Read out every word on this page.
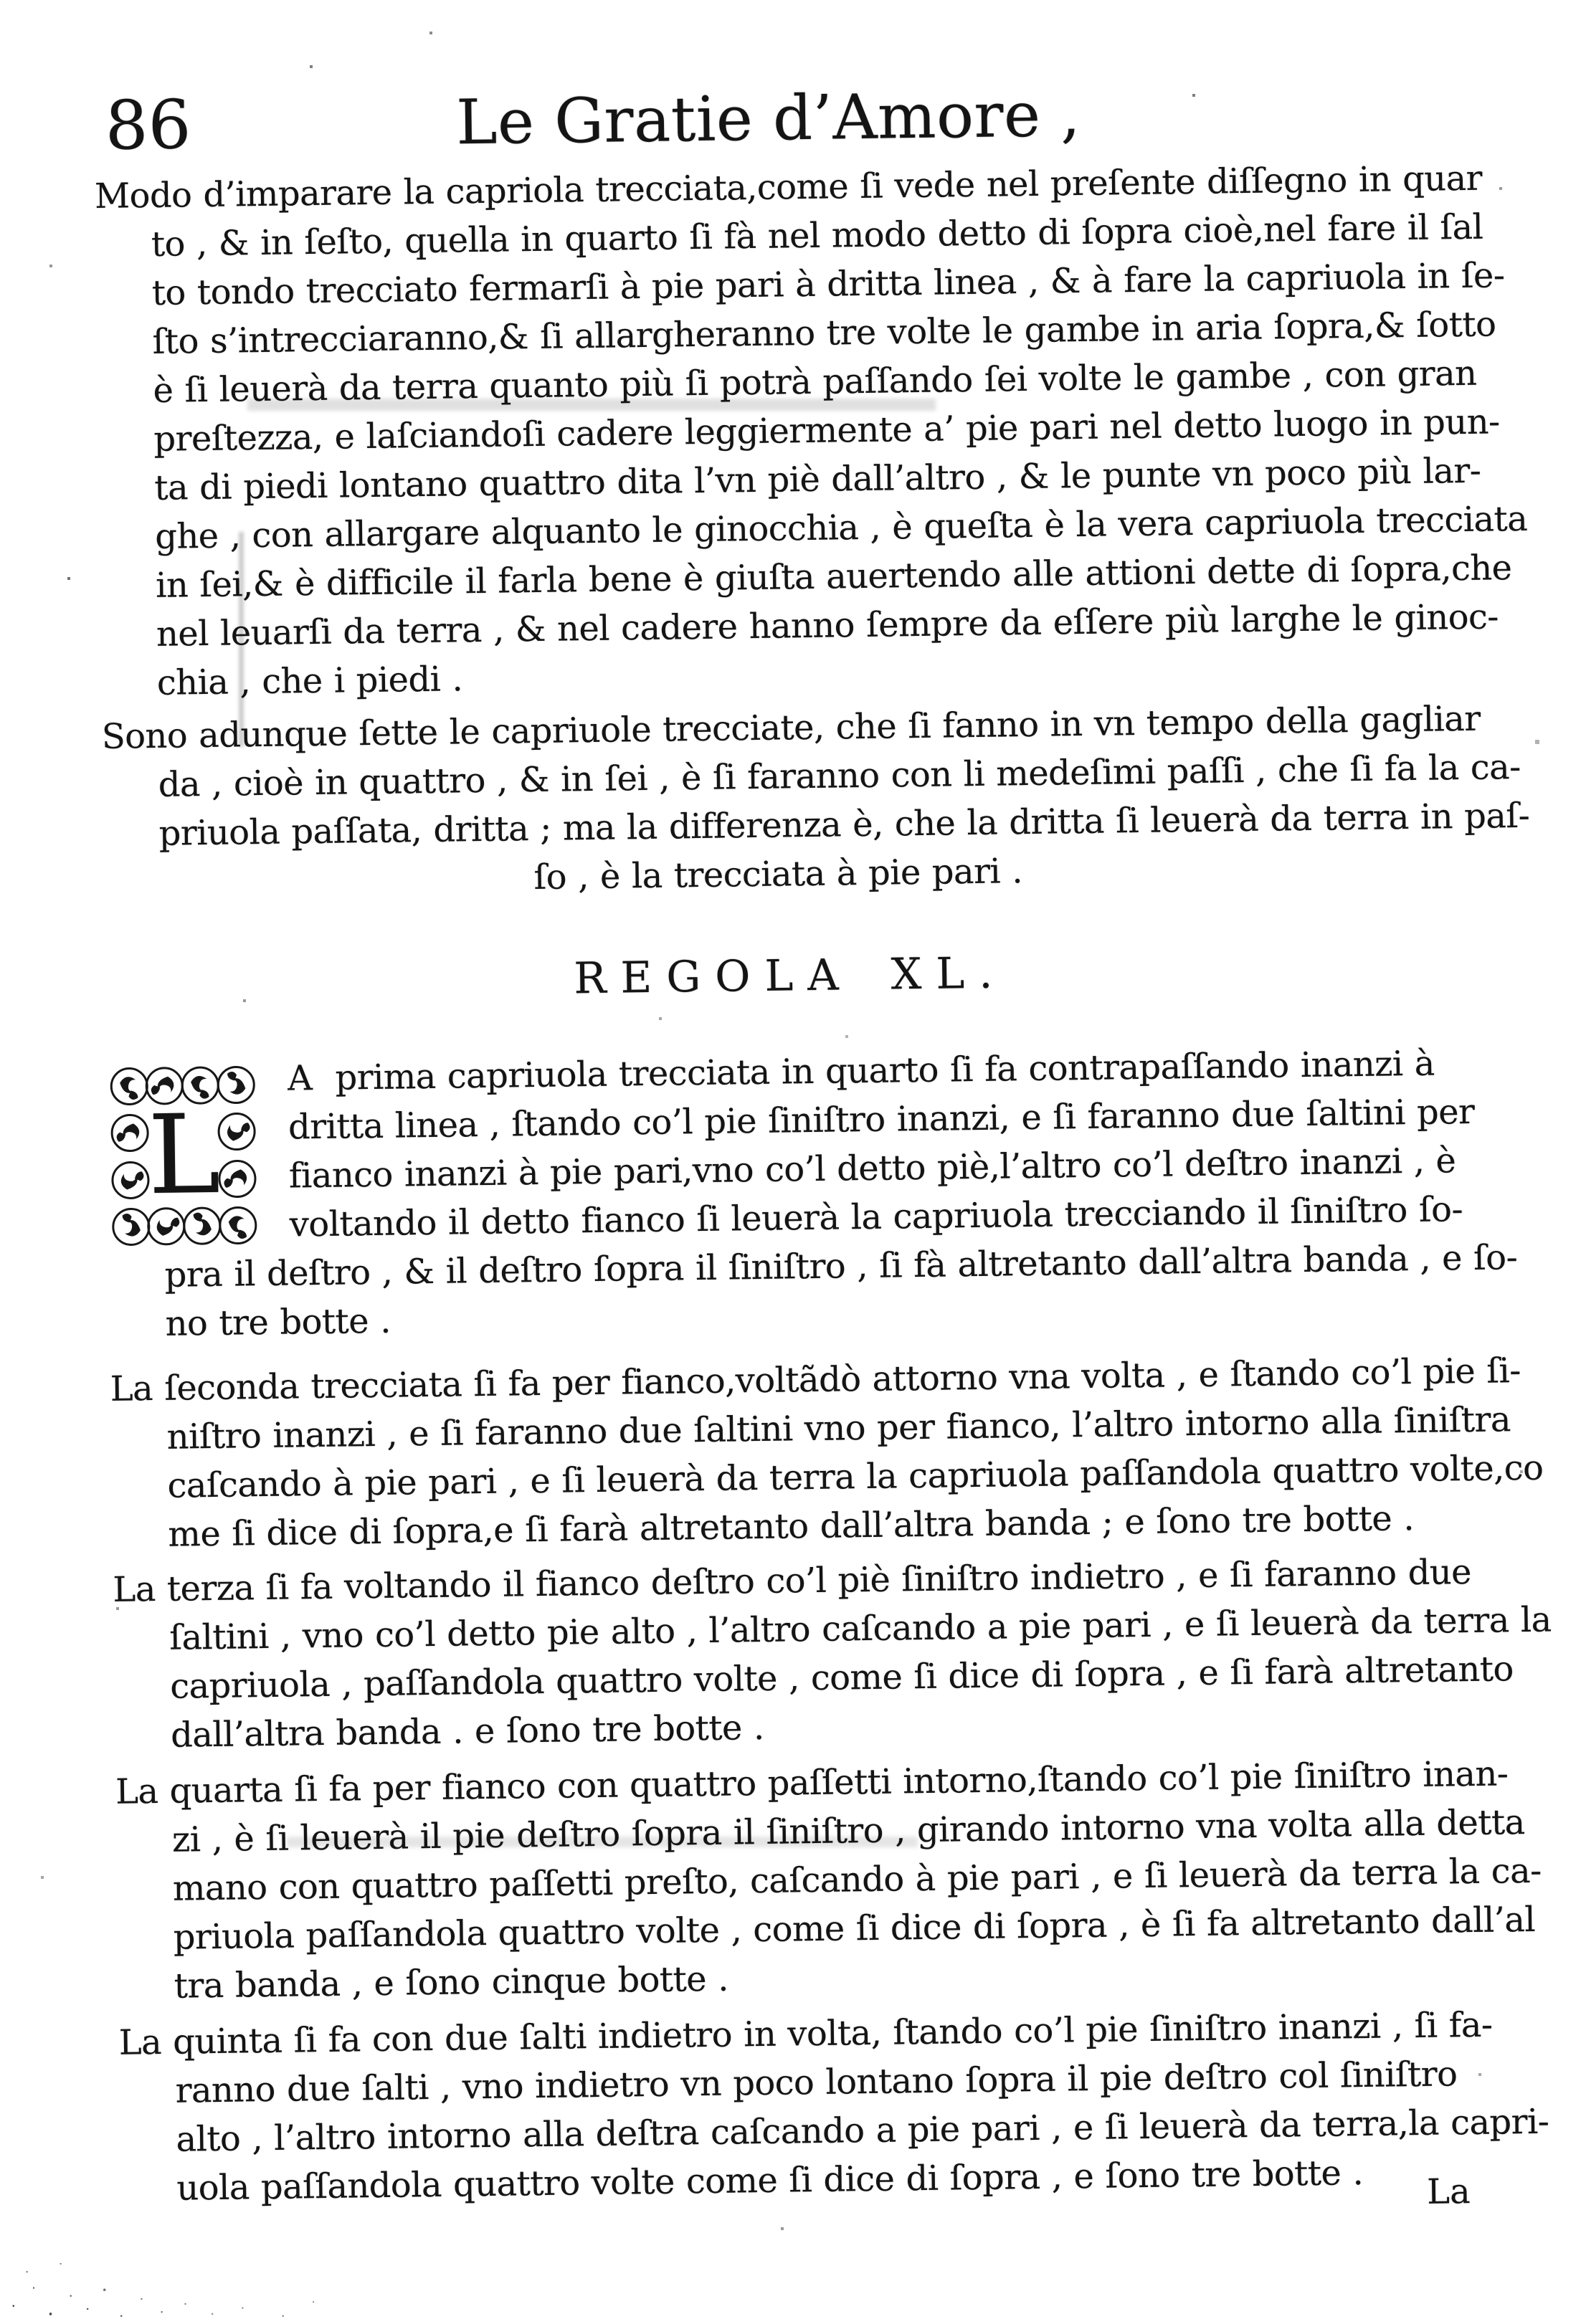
86	Le Gratie d’Amore ,
Modo d’imparare la capriola trecciata,come ſi vede nel preſente diſſegno in quar
to , & in ſeſto, quella in quarto ſi fà nel modo detto di ſopra cioè,nel fare il ſal
to tondo trecciato fermarſi à pie pari à dritta linea , & à fare la capriuola in ſe-
ſto s’intrecciaranno,& ſi allargheranno tre volte le gambe in aria ſopra,& ſotto
è ſi leuerà da terra quanto più ſi potrà paſſando ſei volte le gambe , con gran
preſtezza, e laſciandoſi cadere leggiermente a’ pie pari nel detto luogo in pun-
ta di piedi lontano quattro dita l’vn piè dall’altro , & le punte vn poco più lar-
ghe , con allargare alquanto le ginocchia , è queſta è la vera capriuola trecciata
in ſei,& è difficile il farla bene è giuſta auertendo alle attioni dette di ſopra,che
nel leuarſi da terra , & nel cadere hanno ſempre da eſſere più larghe le ginoc-
chia , che i piedi .
Sono adunque ſette le capriuole trecciate, che ſi fanno in vn tempo della gagliar
da , cioè in quattro , & in ſei , è ſi faranno con li medeſimi paſſi , che ſi fa la ca-
priuola paſſata, dritta ; ma la differenza è, che la dritta ſi leuerà da terra in paſ-
ſo , è la trecciata à pie pari .
REGOLA XL.
L
A  prima capriuola trecciata in quarto ſi fa contrapaſſando inanzi à
dritta linea , ſtando co’l pie ſiniſtro inanzi, e ſi faranno due ſaltini per
fianco inanzi à pie pari,vno co’l detto piè,l’altro co’l deſtro inanzi , è
voltando il detto fianco ſi leuerà la capriuola trecciando il ſiniſtro ſo-
pra il deſtro , & il deſtro ſopra il ſiniſtro , ſi fà altretanto dall’altra banda , e ſo-
no tre botte .
La ſeconda trecciata ſi fa per fianco,voltãdò attorno vna volta , e ſtando co’l pie ſi-
niſtro inanzi , e ſi faranno due ſaltini vno per fianco, l’altro intorno alla ſiniſtra
caſcando à pie pari , e ſi leuerà da terra la capriuola paſſandola quattro volte,co
me ſi dice di ſopra,e ſi farà altretanto dall’altra banda ; e ſono tre botte .
La terza ſi fa voltando il fianco deſtro co’l piè ſiniſtro indietro , e ſi faranno due
ſaltini , vno co’l detto pie alto , l’altro caſcando a pie pari , e ſi leuerà da terra la
capriuola , paſſandola quattro volte , come ſi dice di ſopra , e ſi farà altretanto
dall’altra banda . e ſono tre botte .
La quarta ſi fa per fianco con quattro paſſetti intorno,ſtando co’l pie ſiniſtro inan-
zi , è ſi leuerà il pie deſtro ſopra il ſiniſtro , girando intorno vna volta alla detta
mano con quattro paſſetti preſto, caſcando à pie pari , e ſi leuerà da terra la ca-
priuola paſſandola quattro volte , come ſi dice di ſopra , è ſi fa altretanto dall’al
tra banda , e ſono cinque botte .
La quinta ſi fa con due ſalti indietro in volta, ſtando co’l pie ſiniſtro inanzi , ſi fa-
ranno due ſalti , vno indietro vn poco lontano ſopra il pie deſtro col ſiniſtro
alto , l’altro intorno alla deſtra caſcando a pie pari , e ſi leuerà da terra,la capri-
uola paſſandola quattro volte come ſi dice di ſopra , e ſono tre botte .	La
